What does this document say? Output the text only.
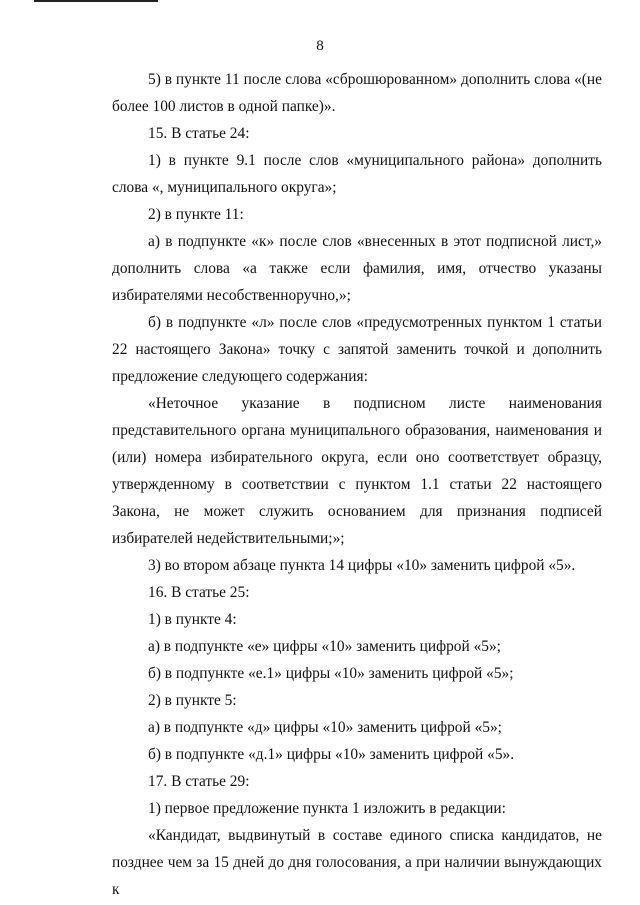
8

5) в пункте 11 после слова «сброшюрованном» дополнить слова «(не более 100 листов в одной папке)».

15. В статье 24:

1) в пункте 9.1 после слов «муниципального района» дополнить слова «, муниципального округа»;

2) в пункте 11:

а) в подпункте «к» после слов «внесенных в этот подписной лист,» дополнить слова «а также если фамилия, имя, отчество указаны избирателями несобственноручно,»;

б) в подпункте «л» после слов «предусмотренных пунктом 1 статьи 22 настоящего Закона» точку с запятой заменить точкой и дополнить предложение следующего содержания:

«Неточное указание в подписном листе наименования представительного органа муниципального образования, наименования и (или) номера избирательного округа, если оно соответствует образцу, утвержденному в соответствии с пунктом 1.1 статьи 22 настоящего Закона, не может служить основанием для признания подписей избирателей недействительными;»;

3) во втором абзаце пункта 14 цифры «10» заменить цифрой «5».

16. В статье 25:

1) в пункте 4:

а) в подпункте «е» цифры «10» заменить цифрой «5»;

б) в подпункте «е.1» цифры «10» заменить цифрой «5»;

2) в пункте 5:

а) в подпункте «д» цифры «10» заменить цифрой «5»;

б) в подпункте «д.1» цифры «10» заменить цифрой «5».

17. В статье 29:

1) первое предложение пункта 1 изложить в редакции:

«Кандидат, выдвинутый в составе единого списка кандидатов, не позднее чем за 15 дней до дня голосования, а при наличии вынуждающих к
